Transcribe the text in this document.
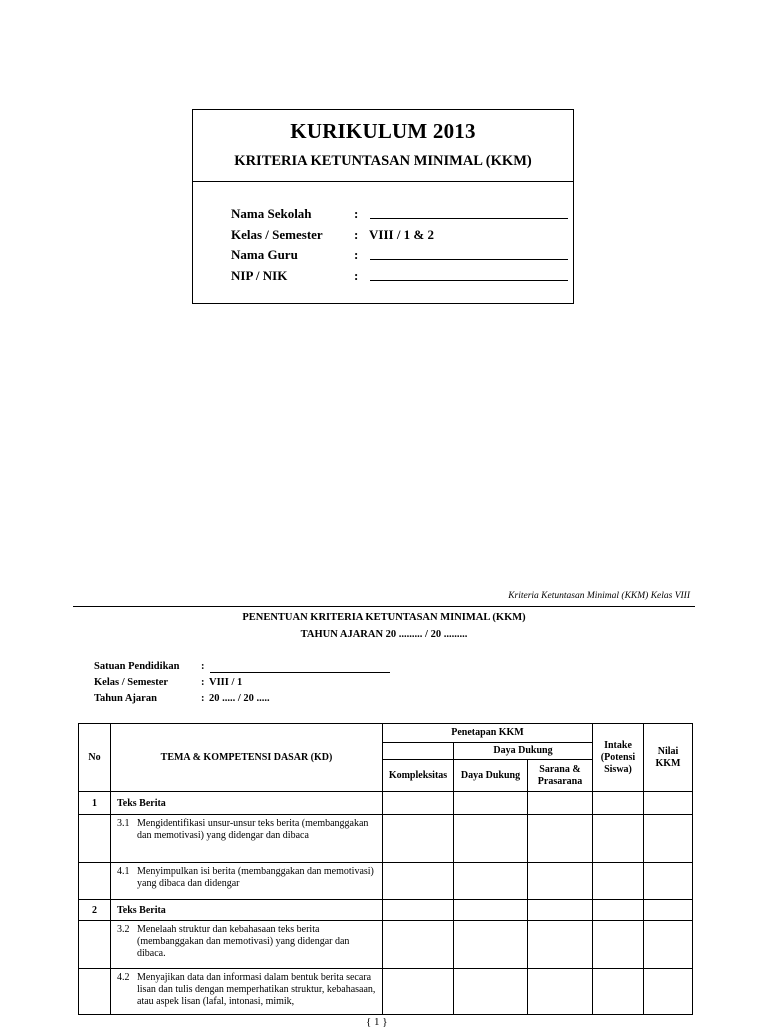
KURIKULUM 2013
KRITERIA KETUNTASAN MINIMAL (KKM)
Nama Sekolah	:
Kelas / Semester : VIII / 1 & 2
Nama Guru	:
NIP / NIK	:
Kriteria Ketuntasan Minimal (KKM) Kelas VIII
PENENTUAN KRITERIA KETUNTASAN MINIMAL (KKM)
TAHUN AJARAN 20 ......... / 20 .........
Satuan Pendidikan :
Kelas / Semester	: VIII / 1
Tahun Ajaran	: 20 ..... / 20 .....
No	TEMA & KOMPETENSI DASAR (KD)	Penetapan KKM			Intake (Potensi Siswa)	Nilai KKM
			Daya Dukung			
		Kompleksitas	Daya Dukung	Sarana & Prasarana		
1	Teks Berita					
	3.1 Mengidentifikasi unsur-unsur teks berita (membanggakan dan memotivasi) yang didengar dan dibaca					
	4.1 Menyimpulkan isi berita (membanggakan dan memotivasi) yang dibaca dan didengar					
2	Teks Berita					
	3.2 Menelaah struktur dan kebahasaan teks berita (membanggakan dan memotivasi) yang didengar dan dibaca.					
	4.2 Menyajikan data dan informasi dalam bentuk berita secara lisan dan tulis dengan memperhatikan struktur, kebahasaan, atau aspek lisan (lafal, intonasi, mimik,					
{ 1 }
